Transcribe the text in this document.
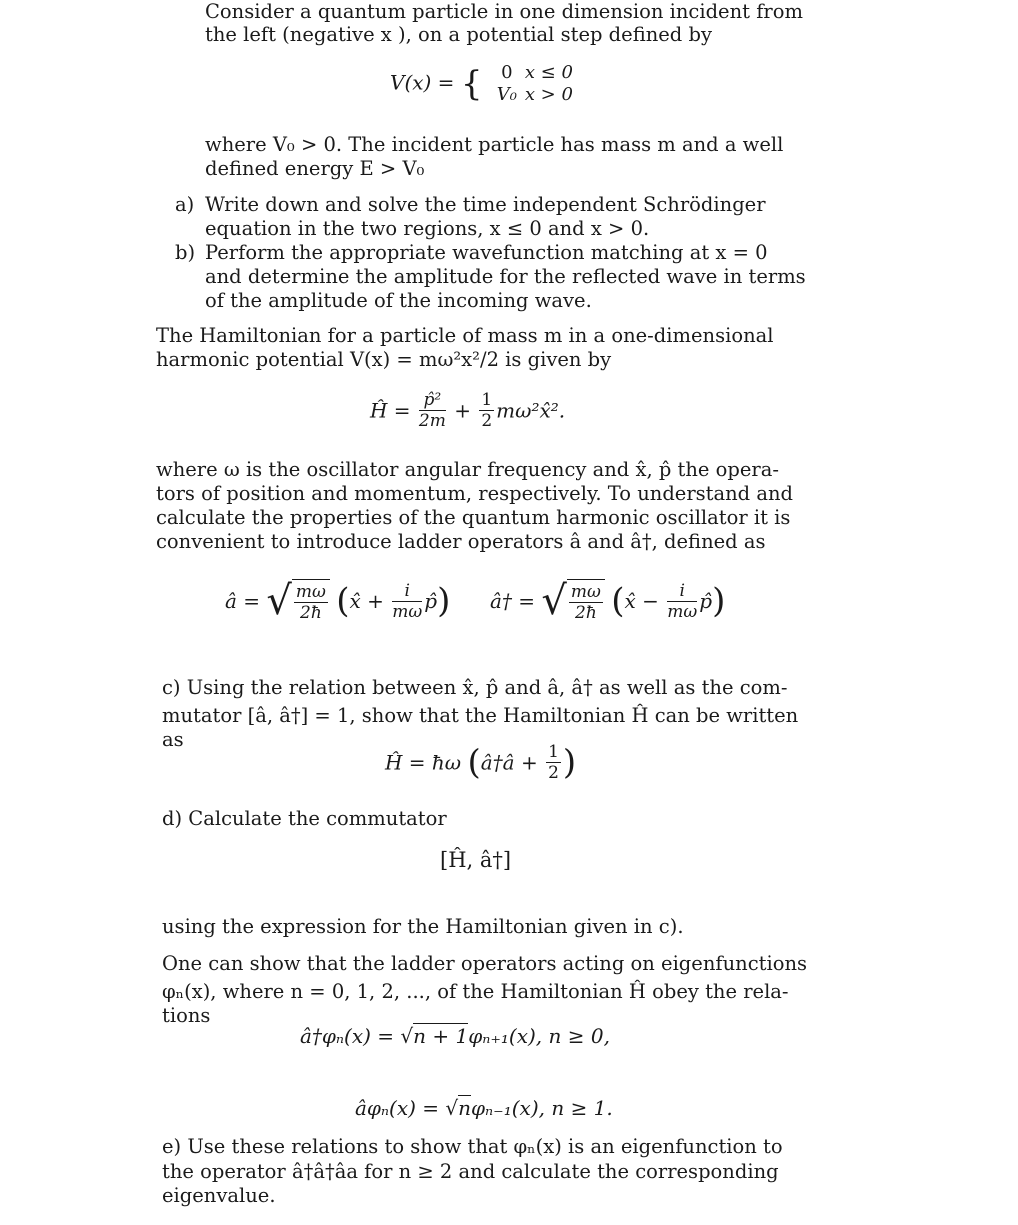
Consider a quantum particle in one dimension incident from
the left (negative x ), on a potential step defined by
V(x) = {	0 x ≤ 0
V₀ x > 0
where V₀ > 0. The incident particle has mass m and a well
defined energy E > V₀
a) Write down and solve the time independent Schrödinger
equation in the two regions, x ≤ 0 and x > 0.
b) Perform the appropriate wavefunction matching at x = 0
and determine the amplitude for the reflected wave in terms
of the amplitude of the incoming wave.
The Hamiltonian for a particle of mass m in a one-dimensional
harmonic potential V(x) = mω²x²/2 is given by
Ĥ = $\frac{\text{p̂²}}{2m} + \frac{1}{2}$ mω²x̂².
where ω is the oscillator angular frequency and x̂, p̂ the opera-
tors of position and momentum, respectively. To understand and
calculate the properties of the quantum harmonic oscillator it is
convenient to introduce ladder operators â and â†, defined as
â = √ $\frac{m\omega}{2ħ}$ (x̂ + $\frac{i}{m\omega}$ p̂) â† = √ $\frac{m\omega}{2ħ}$ (x̂ − $\frac{i}{m\omega}$ p̂)
c) Using the relation between x̂, p̂ and â, â† as well as the com-
mutator [â, â†] = 1, show that the Hamiltonian Ĥ can be written
as
Ĥ = ħω (â†â + $\frac{1}{2}$ )
d) Calculate the commutator
[Ĥ, â†]
using the expression for the Hamiltonian given in c).
One can show that the ladder operators acting on eigenfunctions
φₙ(x), where n = 0, 1, 2, ..., of the Hamiltonian Ĥ obey the rela-
tions
â†φₙ(x) = √n + 1φₙ₊₁(x), n ≥ 0,
âφₙ(x) = √nφₙ₋₁(x), n ≥ 1.
e) Use these relations to show that φₙ(x) is an eigenfunction to
the operator â†â†âa for n ≥ 2 and calculate the corresponding
eigenvalue.
